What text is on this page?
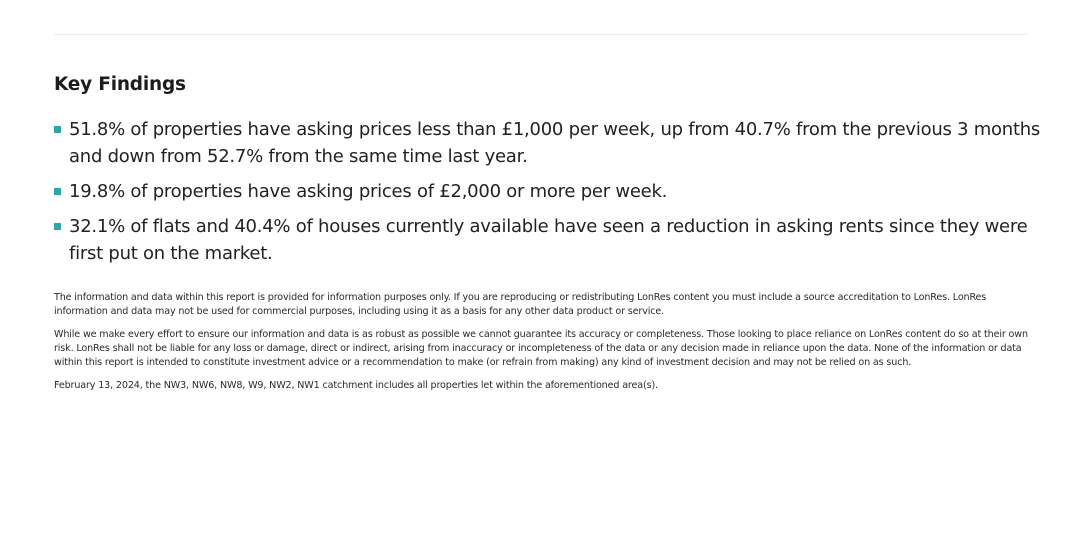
Key Findings
51.8% of properties have asking prices less than £1,000 per week, up from 40.7% from the previous 3 months and down from 52.7% from the same time last year.
19.8% of properties have asking prices of £2,000 or more per week.
32.1% of flats and 40.4% of houses currently available have seen a reduction in asking rents since they were first put on the market.

The information and data within this report is provided for information purposes only. If you are reproducing or redistributing LonRes content you must include a source accreditation to LonRes. LonRes information and data may not be used for commercial purposes, including using it as a basis for any other data product or service.

While we make every effort to ensure our information and data is as robust as possible we cannot guarantee its accuracy or completeness. Those looking to place reliance on LonRes content do so at their own risk. LonRes shall not be liable for any loss or damage, direct or indirect, arising from inaccuracy or incompleteness of the data or any decision made in reliance upon the data. None of the information or data within this report is intended to constitute investment advice or a recommendation to make (or refrain from making) any kind of investment decision and may not be relied on as such.

February 13, 2024, the NW3, NW6, NW8, W9, NW2, NW1 catchment includes all properties let within the aforementioned area(s).
